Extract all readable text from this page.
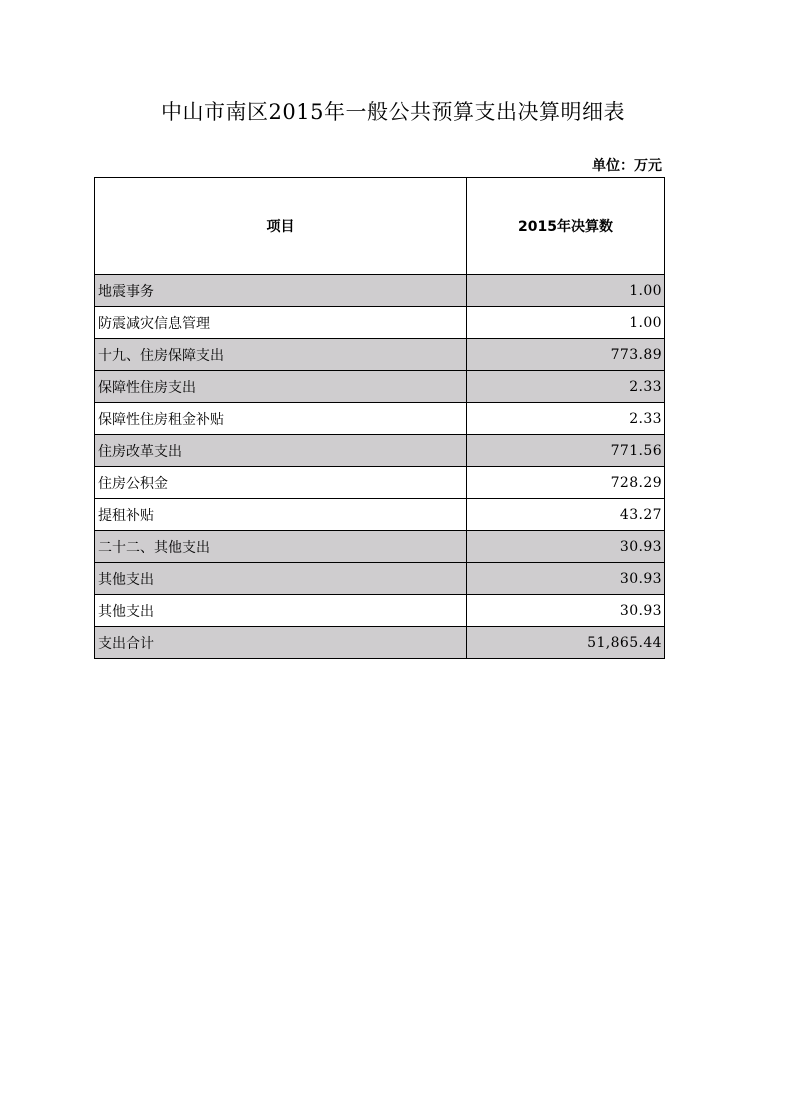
中山市南区2015年一般公共预算支出决算明细表
单位：万元
项目	2015年决算数
地震事务	1.00
防震减灾信息管理	1.00
十九、住房保障支出	773.89
保障性住房支出	2.33
保障性住房租金补贴	2.33
住房改革支出	771.56
住房公积金	728.29
提租补贴	43.27
二十二、其他支出	30.93
其他支出	30.93
其他支出	30.93
支出合计	51,865.44
